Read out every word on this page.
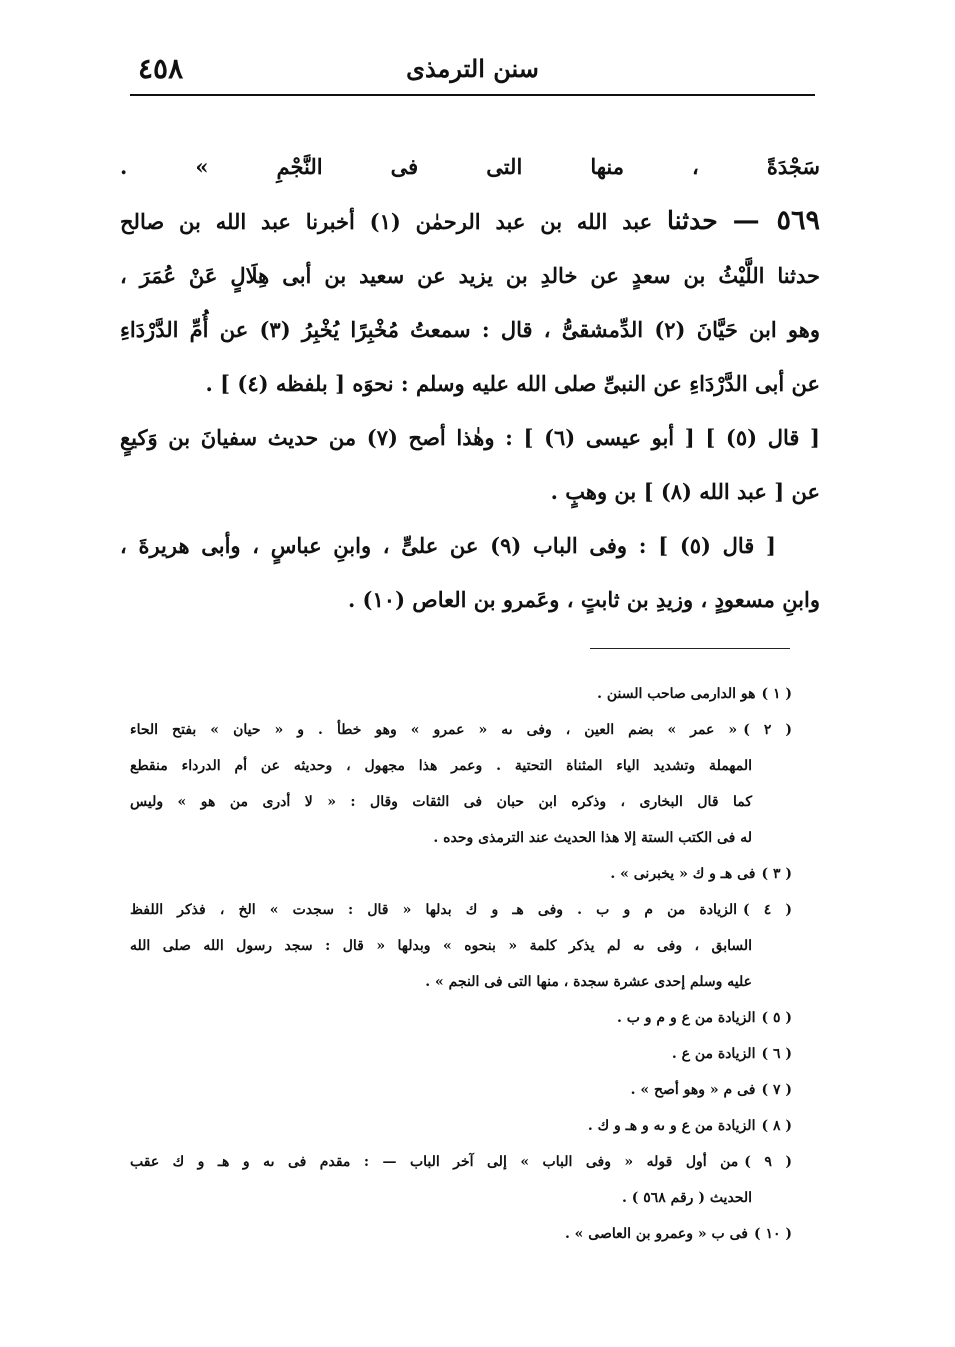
٤٥٨	سنن الترمذى

سَجْدَةً ، منها التى فى النَّجْمِ » .

٥٦٩ — حدثنا عبد الله بن عبد الرحمٰن (١) أخبرنا عبد الله بن صالح

حدثنا اللَّيْثُ بن سعدٍ عن خالدِ بن يزيد عن سعيد بن أبى هِلَالٍ عَنْ عُمَرَ ،

وهو ابن حَيَّانَ (٢) الدِّمشقىُّ ، قال : سمعتُ مُخْبِرًا يُخْبِرُ (٣) عن أُمِّ الدَّرْدَاءِ

عن أبى الدَّرْدَاءِ عن النبىِّ صلى الله عليه وسلم : نحوَه [ بلفظه (٤) ] .

[ قال (٥) ] [ أبو عيسى (٦) ] : وهٰذا أصح (٧) من حديث سفيانَ بن وَكيعٍ

عن [ عبد الله (٨) ] بن وهبٍ .

[ قال (٥) ] : وفى الباب (٩) عن علىٍّ ، وابنِ عباسٍ ، وأبى هريرةَ ،

وابنِ مسعودٍ ، وزيدِ بن ثابتٍ ، وعَمرو بن العاص (١٠) .

( ١ )هو الدارمى صاحب السنن .

( ٢ )« عمر » بضم العين ، وفى ىه « عمرو » وهو خطأ . و « حيان » بفتح الحاء

المهملة وتشديد الياء المثناة التحتية . وعمر هذا مجهول ، وحديثه عن أم الدرداء منقطع

كما قال البخارى ، وذكره ابن حبان فى الثقات وقال : « لا أدرى من هو » وليس

له فى الكتب الستة إلا هذا الحديث عند الترمذى وحده .

( ٣ )فى هـ و ك « يخبرنى » .

( ٤ )الزيادة من م و ب . وفى هـ و ك بدلها « قال : سجدت » الخ ، فذكر اللفظ

السابق ، وفى ىه لم يذكر كلمة « بنحوه » وبدلها « قال : سجد رسول الله صلى الله

عليه وسلم إحدى عشرة سجدة ، منها التى فى النجم » .

( ٥ )الزيادة من ع و م و ب .

( ٦ )الزيادة من ع .

( ٧ )فى م « وهو أصح » .

( ٨ )الزيادة من ع و ىه و هـ و ك .

( ٩ )من أول قوله « وفى الباب » إلى آخر الباب — : مقدم فى ىه و هـ و ك عقب

الحديث ( رقم ٥٦٨ ) .

( ١٠ )فى ب « وعمرو بن العاصى » .
